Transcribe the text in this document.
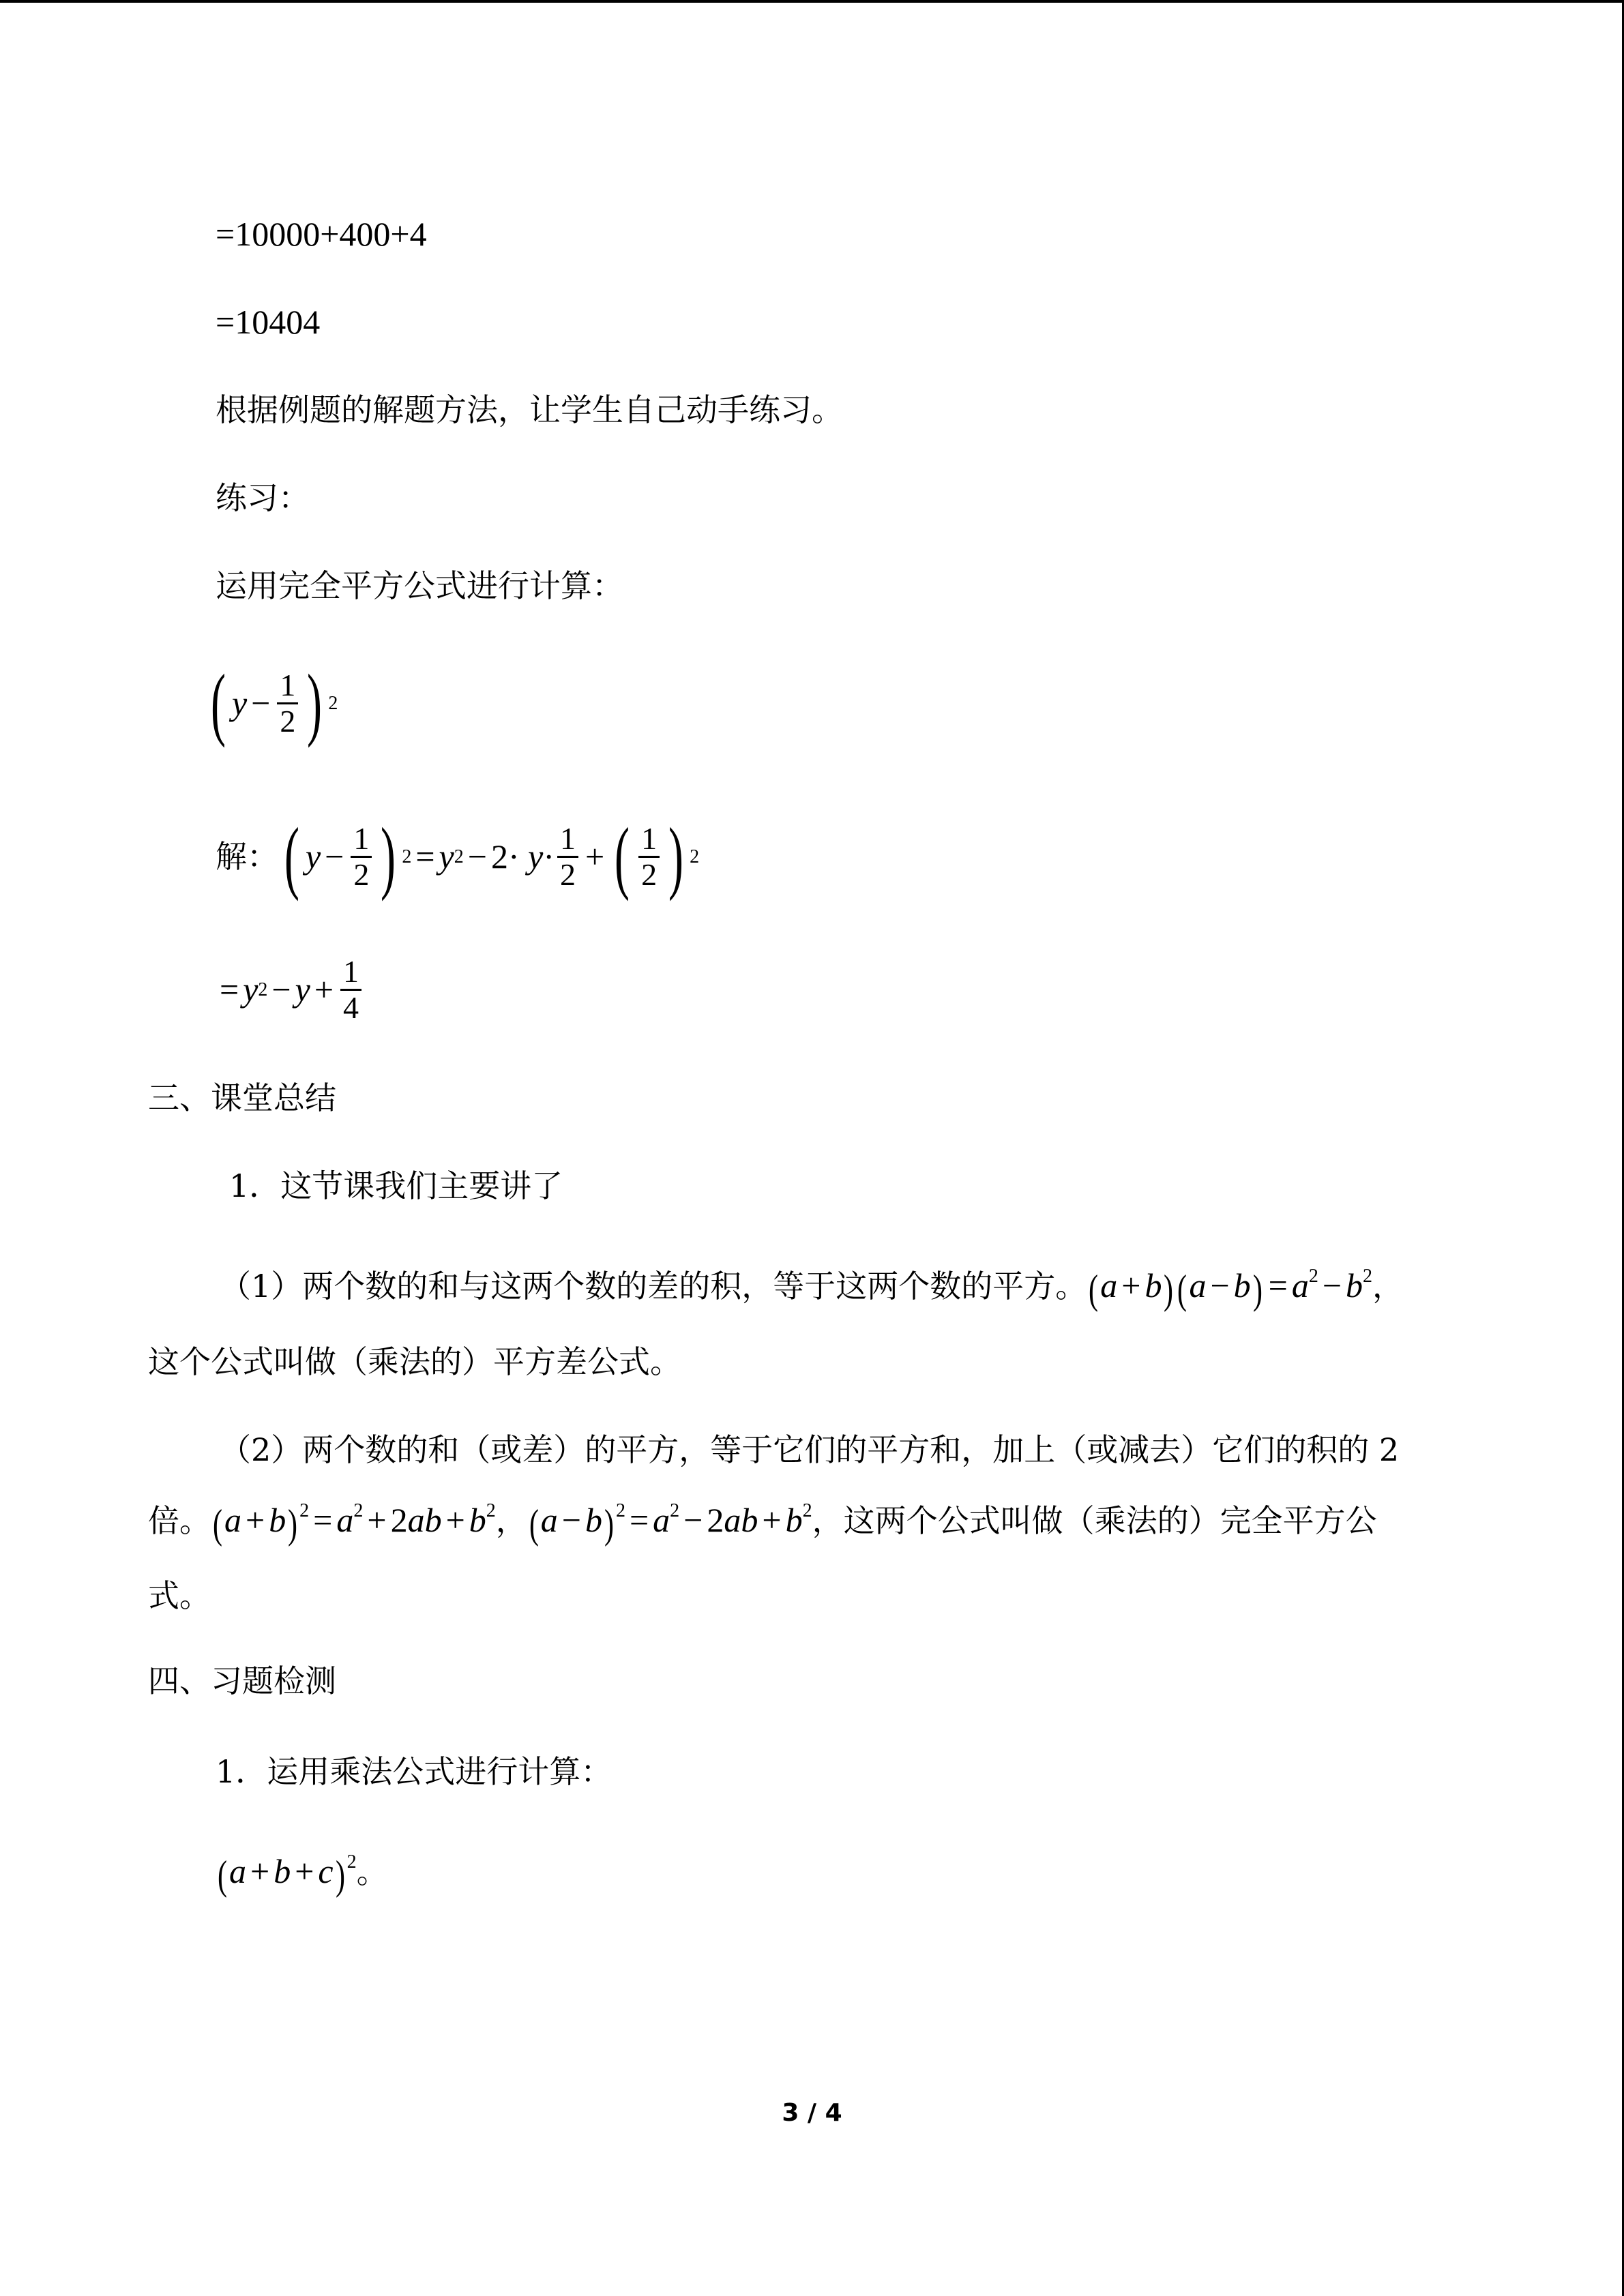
=10000+400+4
=10404
根据例题的解题方法，让学生自己动手练习。
练习：
运用完全平方公式进行计算：
( $y - \frac{1}{2}$ ) 2
解： ( $y - \frac{1}{2}$ ) 2 = y $2 - 2\cdot y \cdot \frac{1}{2}$ + ( $\frac{1}{2}$ ) 2
= y $2 - y + \frac{1}{4}$
三、课堂总结
1．这节课我们主要讲了
（1）两个数的和与这两个数的差的积，等于这两个数的平方。$(a + b)(a - b) = a^2 - b^2$，
这个公式叫做（乘法的）平方差公式。
（2）两个数的和（或差）的平方，等于它们的平方和，加上（或减去）它们的积的 2
倍。(a + b) $^2 = a^2 + 2ab + b^2$，(a − b) $^2 = a^2 - 2ab + b^2$，这两个公式叫做（乘法的）完全平方公
式。
四、习题检测
1．运用乘法公式进行计算：
(a + b + c) $^2$。
3 / 4
